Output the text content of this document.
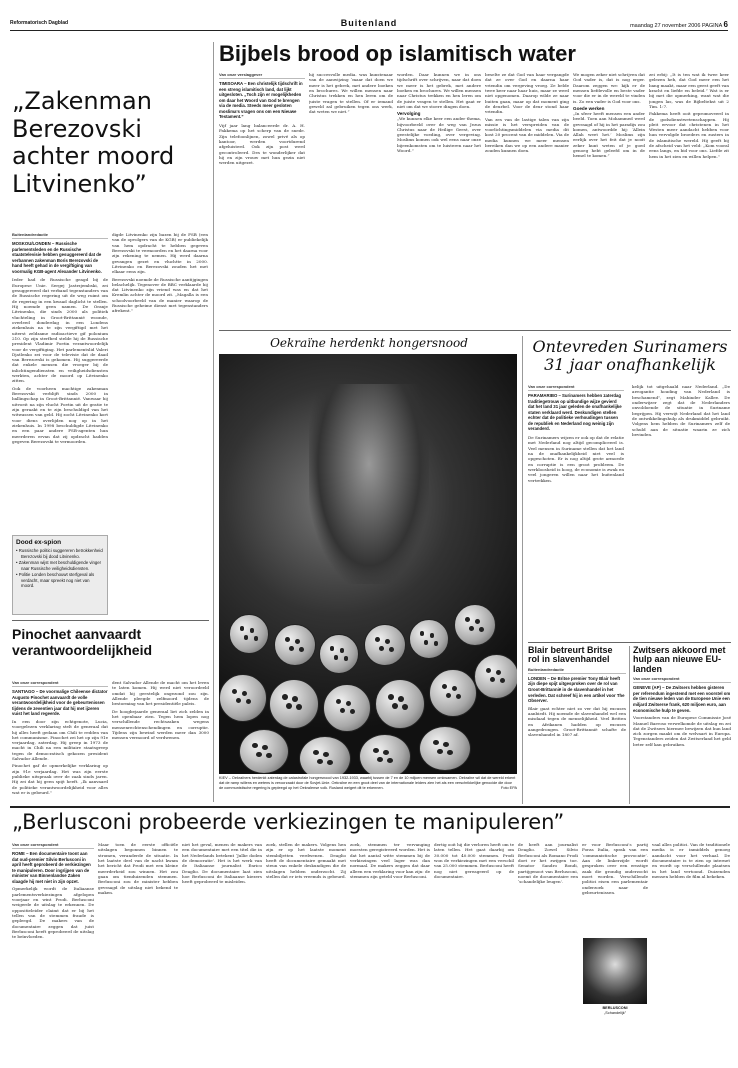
Reformatorisch Dagblad	Buitenland	maandag 27 november 2006 PAGINA 6
„Zakenman Berezovski achter moord Litvinenko”
Buitenlandredactie
MOSKOU/LONDEN – Russische parlementsleden en de Russische staatstelevisie hebben gesuggereerd dat de verbannen zakenman Boris Berezovski de hand heeft gehad in de vergiftiging van voormalig KGB-agent Alexander Litvinenko.
Ieder had de Russische geagd bij de Europese Unie. Sergej Jastrzjembski, zei gesuggereerd dat verband tegenstanders van de Russische regering uit de weg ruimt om de regering in een kwaad daglicht te stellen. Hij noemde geen namen. De Oranje Litvinenko, die sinds 2000 als politiek vluchteling in Groot-Brittannië woonde, overleed donderdag in een Londens ziekenhuis na te zijn vergiftigd met het uiterst zeldzame radioactieve gif polonium 210. Op zijn sterfbed stelde hij de Russische president Vladimir Poetin verantwoordelijk voor de vergiftiging. Het parlementslid Valeri Djatlenko zei voor de televisie dat de daad van Berezovski is gekomen. Hij suggereerde dat enkele mensen die vroeger bij de inlichtingendiensten en veiligheidsdiensten werkten, achter de moord op Litvinenko zitten.
Ook de voorheen machtige zakenman Berezovski verblijft sinds 2000 in ballingschap in Groot-Brittannië. Vanwaar hij uitvoeit na zijn vlucht Poetin uit de gratie te zijn geraakt en te zijn beschuldigd van het witwassen van geld. Hij zocht Litvinenko kort voor diens overlijden nog op in het ziekenhuis. In 1998 beschuldigde Litvinenko en een paar andere FSB-agenten hun meerderen ervan dat zij opdracht hadden gegeven Berezovski te vermoorden.
digde Litvinenko zijn bazen bij de FSB (een van de opvolgers van de KGB) er publiekelijk van hem opdracht te hebben gegeven Berezovski te vermoorden en het daarna voor zijn rekening te nemen. Hij werd daarna gevangen gezet en vluchtte in 2000. Litvinenko en Berezovski zouden het met elkaar eens zijn.
Berezovski noemde de Russische aantijgingen belachelijk. Tegenover de BBC verklaarde hij dat Litvinenko zijn vriend was en dat het Kremlin achter de moord zit. „Magalla is een schoolvoorbeeld van de manier waarop de Russische geheime dienst met tegenstanders afrekent.”
Dood ex-spion
• Russische politici suggereren betrokkenheid Berezovski bij dood Litvinenko.
• Zakenman wijst met beschuldigende vinger naar Russische veiligheidsdiensten.
• Politie Londen beschouwt sterfgeval als verdacht, maar spreekt nog niet van moord.
Bijbels brood op islamitisch water
Van onze verslaggever
TIMISOARA – Een christelijk tijdschrift in een streng islamitisch land, dat lijkt uitgesloten. „Toch zijn er mogelijkheden om daar het Woord van God te brengen via de media. Steeds meer gesloten moslima’s vragen ons om een Nieuwe Testament.”
Vijf jaar lang balanceerde dr. A. H. Fakkema op het scherp van de snede. Zijn telefoonlijnen, zowel privé als op kantoor, werden voortdurend afgeluisterd. Ook zijn post werd gecontroleerd. Des te wonderlijker dat hij en zijn vrouw met hun gezin niet werden uitgezet.
hij succesvolle media. was kunstenaar van de aanwijzing ‘maar dat doen we meer is het gebrek, met andere boeken en brochures. We willen mensen naar Christus trekken en hen leren om de juiste vragen te stellen. Of er iemand geweld zal gebruiken tegen ons werk, dat weten we niet.”
worden. Daar kunnen we in ons tijdschrift over schrijven, naar dat doen we meer is het gebrek, met andere boeken en brochures. We willen mensen naar Christus trekken en hen leren om de juiste vragen te stellen. Het gaat er niet om dat we stoere dingen doen.
Vervolging
„We kunnen elke keer een ander thema, bijvoorbeeld over de weg van Jezus Christus naar de Heilige Geest, over geestelijke voeding, over vergeving. Moslims komen ook wel eens naar onze bijeenkomsten om te luisteren naar het Woord.”
beselte ze dat God van haar vergangde dat ze over God en daarna haar vriendin om vergeving vroeg. Ze belde twee keer naar haar huis, maar ze werd niet opgenomen. Daarop wilde ze naar buiten gaan, maar op dat moment ging de deurbel. Voor de deur stond haar vriendin.
Van zes van de lastige talen van zijn missie is het verspreiden van de voorlichtingsmiddelen via media dit kost 20 procent van de middelen. Via de media kunnen we meer mensen bereiken dan we op een andere manier zouden kunnen doen.
We mogen zeker niet schrijven dat God vader is, dat is nog erger. Daarom zeggen we: kijk er de mensen liefdevolle en beste vader voor die er in de wereld te vinden is. Zo een vader is God voor ons.
Goede werken
„In sfeer heeft mensen een ander beeld. Toen aan Mohammed werd gevraagd of hij in het paradijs zou komen, antwoordde hij: ‘Allein Allah weet het.’ Moslims zijn eerlijk over het feit dat je nooit zeker kunt weten of je goed genoeg hebt geleefd om in de hemel te komen.”
zei erbij: „It is ten wat ik twee keer gelezen heb, dat God meer een het bang maakt, maar een geest geeft van kracht en liefde en beleid.” Wat is er bij met die opmerking, want wat die jongen las, was de Bijbeltekst uit 2 Tim. 1:7.
Fakkema heeft ooit gepromoveerd in de godsdienstwetenschappen. Hij pleit ervoor dat christenen in het Westen meer aandacht hebben voor hun vervolgde broeders en zusters in de islamitische wereld. Hij geeft bij de afscheid van het veld: „Kom vooral eens langs, en bid voor ons. Liefde zit hem in het zien en willen helpen.”
Oekraïne herdenkt hongersnood
KIEV – Oekraïners herdenkt zaterdag de catastrofale hongersnood van 1932-1933, waarbij tussen de 7 en de 10 miljoen mensen omkwamen. Oekraïne wil dat de wereld erkent dat de ramp willens en wetens is veroorzaakt door de Sovjet-Unie. Oekraïne en een groot deel van de internationale leiders zien het als een verschrikkelijke genocide die door de communistische regering is gepleegd op het Oekraïense volk. Rusland weigert dit te erkennen.	Foto EPA
Ontevreden Surinamers 31 jaar onafhankelijk
Van onze correspondent
PARAMARIBO – Surinamers hebben zaterdag traditiegetrouw op uitbundige wijze gevierd dat het land 31 jaar geleden de onafhankelijke staten verklaard werd. Deskundigen stellen echter dat de politieke verhoudingen tussen de republiek en Nederland nog weinig zijn veranderd.
De Surinamers wijzen er ook op dat de relatie met Nederland nog altijd gecompliceerd is. Veel mensen in Suriname stellen dat het land na de onafhankelijkheid niet veel is opgeschoten. Er is nog altijd grote armoede en corruptie is een groot probleem. De werkloosheid is hoog, de economie is zwak en veel jongeren willen naar het buitenland vertrekken.
kelijk tot uitgehaald naar Nederland. „De arrogantie houding van Nederland is beschamend”, zegt Mahinder Kallee. De onderwijzer zegt dat de Nederlanders onvoldoende de situatie in Suriname begrijpen. Hij verwijt Nederland dat het land de ontwikkelingshulp als drukmiddel gebruikt. Volgens hem hebben de Surinamers zelf de schuld aan de situatie waarin ze zich bevinden.
Blair betreurt Britse rol in slavenhandel
Buitenlandredactie
LONDEN – De Britse premier Tony Blair heeft zijn diepe spijt uitgesproken over de rol van Groot-Brittannië in de slavenhandel in het verleden. Dat schreef hij in een artikel voor The Observer.
Blair gaat echter niet zo ver dat hij excuses aanbiedt. Hij noemde de slavenhandel wel een misdaad tegen de menselijkheid. Veel Britten en Afrikanen hadden op excuses aangedrongen. Groot-Brittannië schafte de slavenhandel in 1807 af.
Zwitsers akkoord met hulp aan nieuwe EU-landen
Van onze correspondent
GENEVE (AP) – De Zwitsers hebben gisteren per referendum ingestemd met een voorstel om de tien nieuwe leden van de Europese Unie een miljard Zwitserse frank, 620 miljoen euro, aan economische hulp te geven.
Voorstanders van de Europese Commissie José Manuel Barroso verwelkomde de uitslag en zei dat de Zwitsers hiermee bewijzen dat hun land zich zorgen maakt om de welvaart in Europa. Tegenstanders zeiden dat Zwitserland het geld beter zelf kan gebruiken.
Pinochet aanvaardt verantwoordelijkheid
Van onze correspondent
SANTIAGO – De voormalige Chileense dictator Augusto Pinochet aanvaardt de volle verantwoordelijkheid voor de gebeurtenissen tijdens de zeventien jaar dat hij met ijzeren vuist het land regeerde.
In een door zijn echtgenote, Lucia, voorgelezen verklaring stelt de generaal dat hij alles heeft gedaan om Chili te redden van het communisme. Pinochet zei het op zijn 91e verjaardag, zaterdag. Hij greep in 1973 de macht in Chili na een militaire staatsgreep tegen de democratisch gekozen president Salvador Allende.
Pinochet gaf de opmerkelijke verklaring op zijn 91e verjaardag. Het was zijn eerste publieke uitspraak over de zaak sinds jaren. Hij zei dat hij geen spijt heeft. „Ik aanvaard de politieke verantwoordelijkheid voor alles wat er is gebeurd.”
dent Salvador Allende de macht om het leven te laten komen. Hij werd niet veroordeeld omdat hij geestelijk ongezond zou zijn. Allende pleegde zelfmoord tijdens de bestorming van het presidentiële paleis.
De hoogbejaarde generaal liet zich zelden in het openbaar zien. Tegen hem lopen nog verschillende rechtszaken wegens mensenrechtenschendingen en corruptie. Tijdens zijn bewind werden meer dan 3000 mensen vermoord of verdwenen.
„Berlusconi probeerde verkiezingen te manipuleren”
Van onze correspondent
ROME – Een documentaire toont aan dat oud-premier Silvio Berlusconi in april heeft geprobeerd de verkiezingen te manipuleren. Door ingrijpen van de minister van Binnenlandse Zaken slaagde hij met niet in zijn opzet.
Opmerkelijk wordt de Italiaanse parlementsverkiezingen afgelopen voorjaar en wint Prodi. Berlusconi weigerde de uitslag te erkennen. De oppositieleider claimt dat er bij het tellen van de stemmen fraude is gepleegd. De makers van de documentaire zeggen dat juist Berlusconi heeft geprobeerd de uitslag te beïnvloeden.
Maar toen de eerste officiële uitslagen begonnen binnen te stromen, veranderde de situatie. In het laatste deel van de nacht kwam het bericht dat Prodi met een kleine meerderheid zou winnen. Het zou gaan om tienduizenden stemmen. Berlusconi zou de minister hebben gevraagd de uitslag niet bekend te maken.
niet het geval, menen de makers van een documentaire met een titel die in het Nederlands betekent ‘Jullie doden de democratie’. Het is het werk van de Italiaanse journalist Enrico Deaglio. De documentaire laat zien hoe Berlusconi de Italiaanse kiezers heeft geprobeerd te misleiden.
zoek, stellen de makers. Volgens hen zijn er op het laatste moment stembiljetten verdwenen. Deaglio heeft de documentaire gemaakt met steun van enkele deskundigen die de uitslagen hebben onderzocht. Zij stellen dat er iets vreemds is gebeurd.
zoek, stemmen ter vervanging moesten geregistreerd worden. Het is dat het aantal witte stemmen bij de verkiezingen veel lager was dan normaal. De makers zeggen dat daar alleen een verklaring voor kan zijn: de stemmen zijn geteld voor Berlusconi.
dertig ooit hij die verloren heeft om te laten tellen. Het gaat daarbij om 30.000 tot 40.000 stemmen. Prodi won de verkiezingen met een verschil van 25.000 stemmen. Berlusconi heeft nog niet gereageerd op de documentaire.
de heeft aan journalist Deaglio. Zowel Silvio Berlusconi als Romano Prodi doet er het zwijgen toe. Senator Sandro Bondi, partijgenoot van Berlusconi, noemt de documentaire een ‘schandelijke leugen’.
er voor Berlusconi’s partij Forza Italia, sprak van een ‘communistische provocatie’. Aan de linkerzijde wordt gesproken over een ernstige zaak die grondig onderzocht moet worden. Verschillende politici eisen een parlementair onderzoek naar de gebeurtenissen.
vaal alles politici. Van de traditionele media is er inmiddels genoeg aandacht voor het verhaal. De documentaire is te zien op internet en wordt op verschillende plaatsen in het land vertoond. Duizenden mensen hebben de film al bekeken.
BERLUSCONI
„Schandelijk”
